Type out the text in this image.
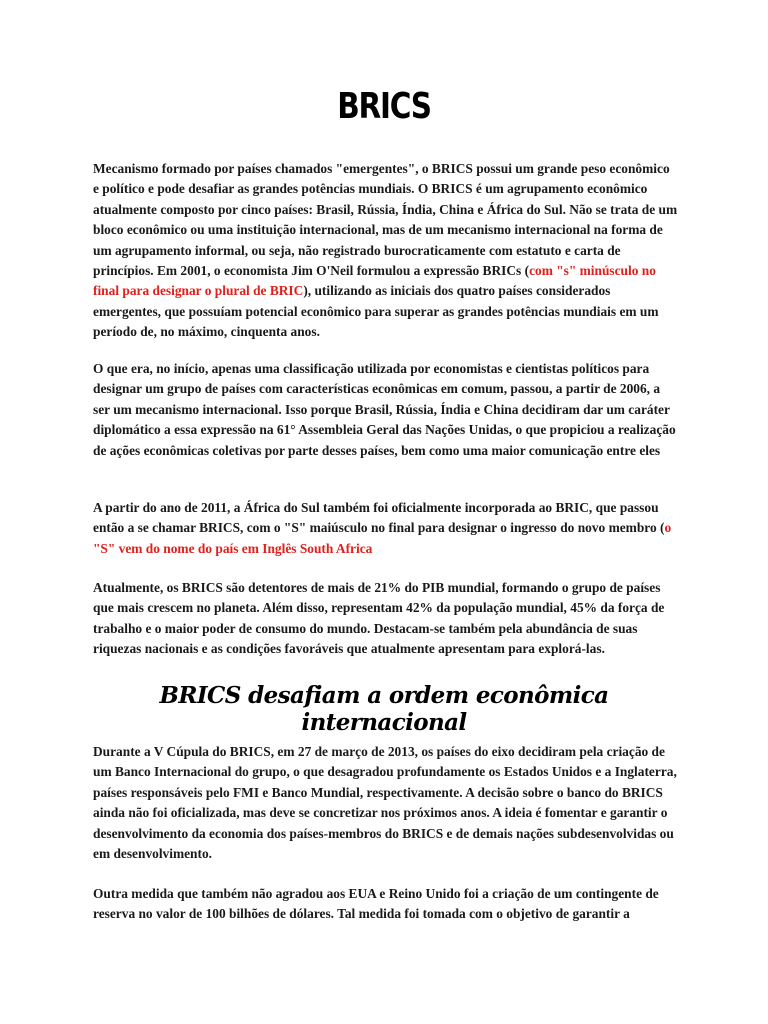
BRICS

Mecanismo formado por países chamados "emergentes", o BRICS possui um grande peso econômico e político e pode desafiar as grandes potências mundiais. O BRICS é um agrupamento econômico atualmente composto por cinco países: Brasil, Rússia, Índia, China e África do Sul. Não se trata de um bloco econômico ou uma instituição internacional, mas de um mecanismo internacional na forma de um agrupamento informal, ou seja, não registrado burocraticamente com estatuto e carta de princípios. Em 2001, o economista Jim O'Neil formulou a expressão BRICs (com "s" minúsculo no final para designar o plural de BRIC), utilizando as iniciais dos quatro países considerados emergentes, que possuíam potencial econômico para superar as grandes potências mundiais em um período de, no máximo, cinquenta anos.

O que era, no início, apenas uma classificação utilizada por economistas e cientistas políticos para designar um grupo de países com características econômicas em comum, passou, a partir de 2006, a ser um mecanismo internacional. Isso porque Brasil, Rússia, Índia e China decidiram dar um caráter diplomático a essa expressão na 61° Assembleia Geral das Nações Unidas, o que propiciou a realização de ações econômicas coletivas por parte desses países, bem como uma maior comunicação entre eles

A partir do ano de 2011, a África do Sul também foi oficialmente incorporada ao BRIC, que passou então a se chamar BRICS, com o "S" maiúsculo no final para designar o ingresso do novo membro (o "S" vem do nome do país em Inglês South Africa

Atualmente, os BRICS são detentores de mais de 21% do PIB mundial, formando o grupo de países que mais crescem no planeta. Além disso, representam 42% da população mundial, 45% da força de trabalho e o maior poder de consumo do mundo. Destacam-se também pela abundância de suas riquezas nacionais e as condições favoráveis que atualmente apresentam para explorá-las.

BRICS desafiam a ordem econômica internacional

Durante a V Cúpula do BRICS, em 27 de março de 2013, os países do eixo decidiram pela criação de um Banco Internacional do grupo, o que desagradou profundamente os Estados Unidos e a Inglaterra, países responsáveis pelo FMI e Banco Mundial, respectivamente. A decisão sobre o banco do BRICS ainda não foi oficializada, mas deve se concretizar nos próximos anos. A ideia é fomentar e garantir o desenvolvimento da economia dos países-membros do BRICS e de demais nações subdesenvolvidas ou em desenvolvimento.

Outra medida que também não agradou aos EUA e Reino Unido foi a criação de um contingente de reserva no valor de 100 bilhões de dólares. Tal medida foi tomada com o objetivo de garantir a
